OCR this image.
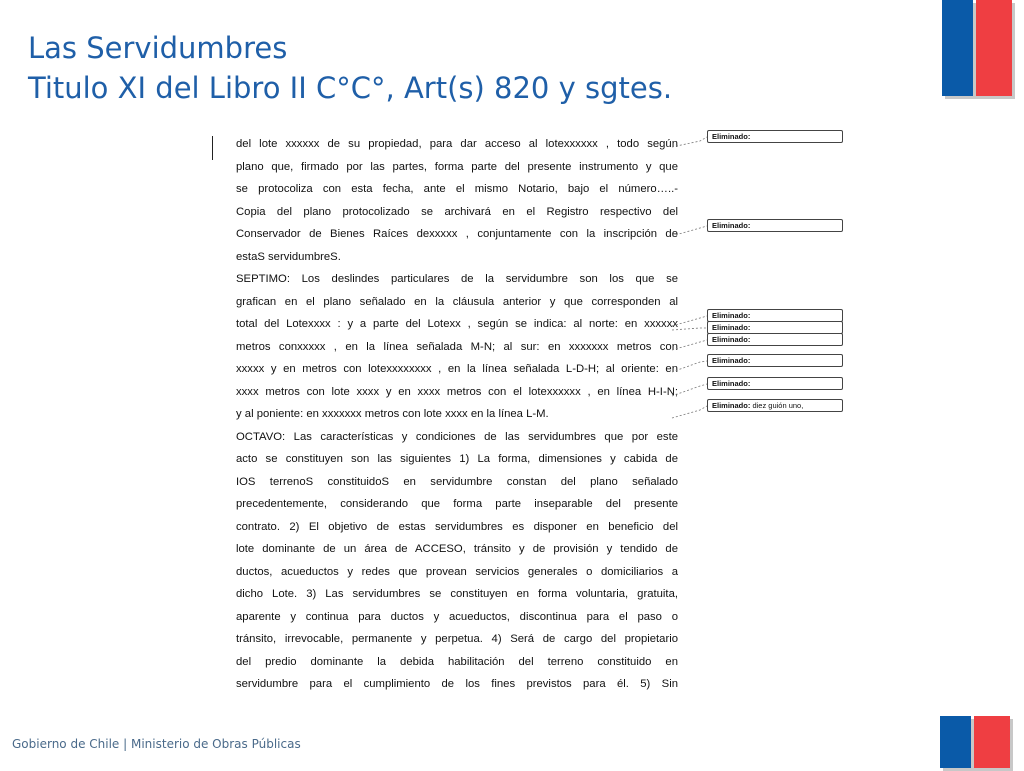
Las Servidumbres
Titulo XI del Libro II C°C°, Art(s) 820 y sgtes.
del lote xxxxxx de su propiedad, para dar acceso al lotexxxxxx , todo según
plano que, firmado por las partes, forma parte del presente instrumento y que
se protocoliza con esta fecha, ante el mismo Notario, bajo el número…..-
Copia del plano protocolizado se archivará en el Registro respectivo del
Conservador de Bienes Raíces dexxxxx , conjuntamente con la inscripción de
estaS servidumbreS.
SEPTIMO: Los deslindes particulares de la servidumbre son los que se
grafican en el plano señalado en la cláusula anterior y que corresponden al
total del Lotexxxx : y a parte del Lotexx , según se indica: al norte: en xxxxxx
metros conxxxxx , en la línea señalada M-N; al sur: en xxxxxxx metros con
xxxxx y en metros con lotexxxxxxxx , en la línea señalada L-D-H; al oriente: en
xxxx metros con lote xxxx y en xxxx metros con el lotexxxxxx , en línea H-I-N;
y al poniente: en xxxxxxx metros con lote xxxx en la línea L-M.
OCTAVO: Las características y condiciones de las servidumbres que por este
acto se constituyen son las siguientes 1) La forma, dimensiones y cabida de
IOS terrenoS constituidoS en servidumbre constan del plano señalado
precedentemente, considerando que forma parte inseparable del presente
contrato. 2) El objetivo de estas servidumbres es disponer en beneficio del
lote dominante de un área de ACCESO, tránsito y de provisión y tendido de
ductos, acueductos y redes que provean servicios generales o domiciliarios a
dicho Lote. 3) Las servidumbres se constituyen en forma voluntaria, gratuita,
aparente y continua para ductos y acueductos, discontinua para el paso o
tránsito, irrevocable, permanente y perpetua. 4) Será de cargo del propietario
del predio dominante la debida habilitación del terreno constituido en
servidumbre para el cumplimiento de los fines previstos para él. 5) Sin
Eliminado:
Eliminado:
Eliminado:
Eliminado:
Eliminado:
Eliminado:
Eliminado:
Eliminado: diez guión uno,
Gobierno de Chile | Ministerio de Obras Públicas
